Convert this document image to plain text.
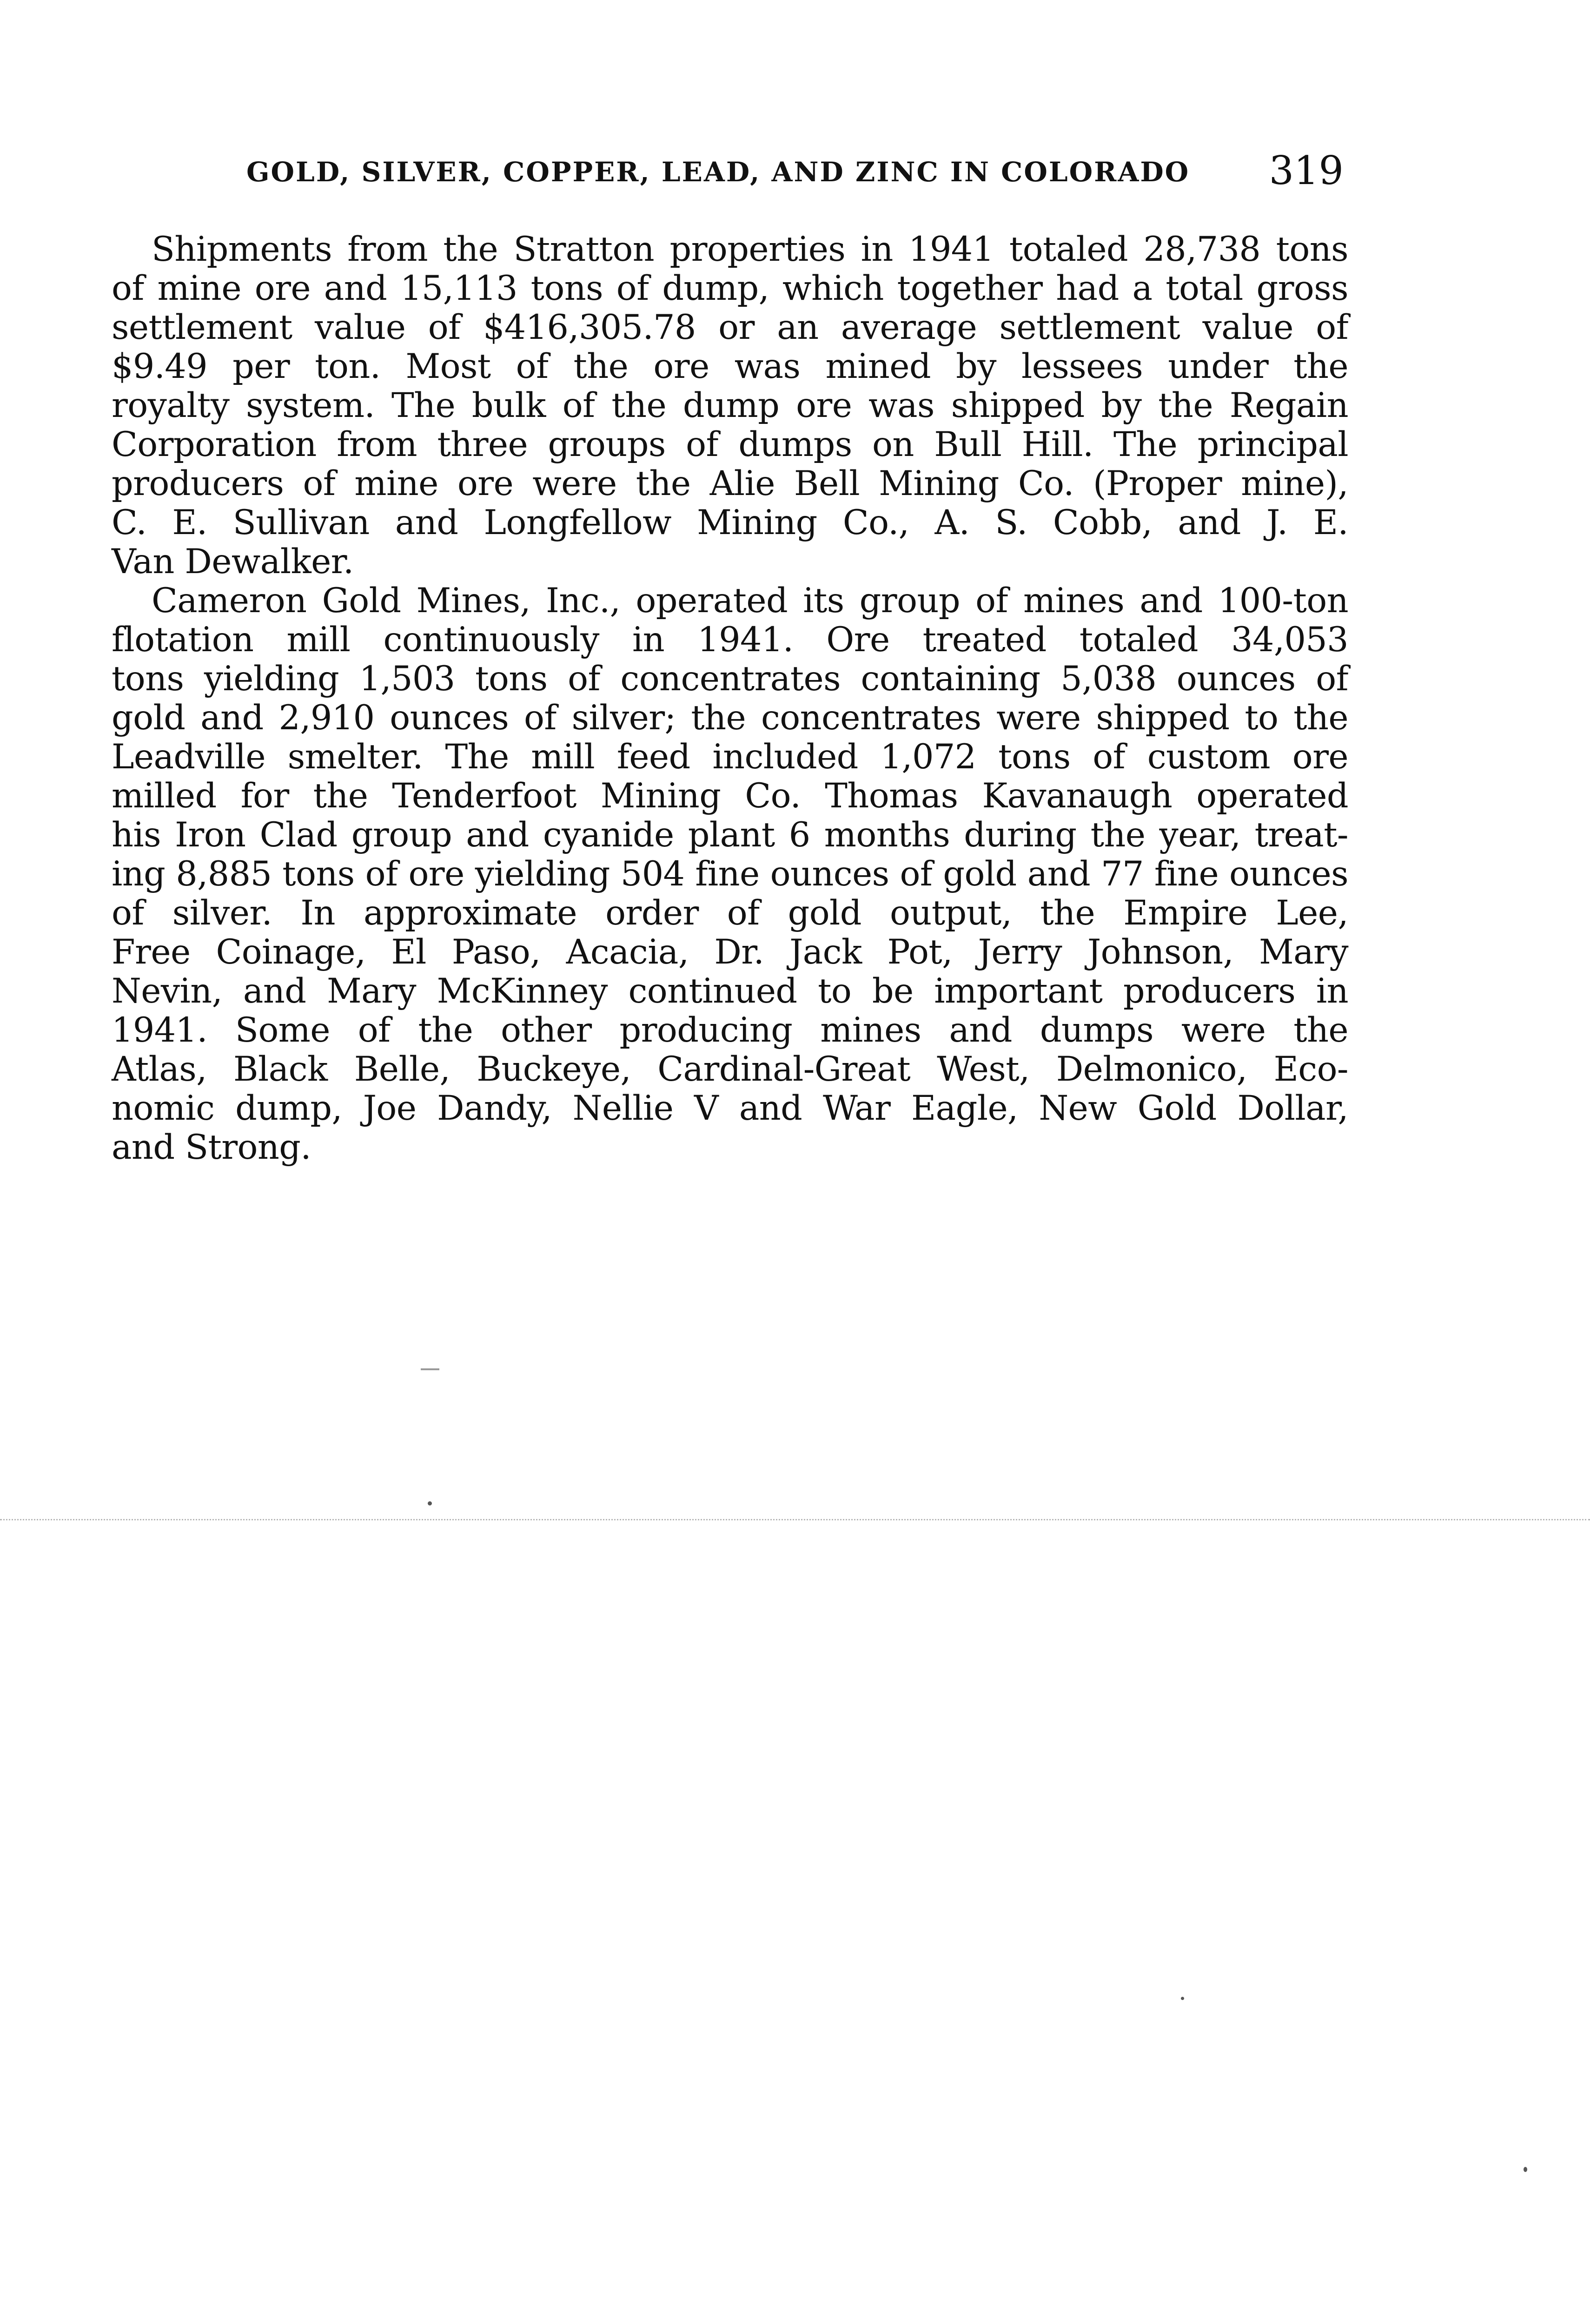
GOLD, SILVER, COPPER, LEAD, AND ZINC IN COLORADO 319
Shipments from the Stratton properties in 1941 totaled 28,738 tons
of mine ore and 15,113 tons of dump, which together had a total gross
settlement value of $416,305.78 or an average settlement value of
$9.49 per ton. Most of the ore was mined by lessees under the
royalty system. The bulk of the dump ore was shipped by the Regain
Corporation from three groups of dumps on Bull Hill. The principal
producers of mine ore were the Alie Bell Mining Co. (Proper mine),
C. E. Sullivan and Longfellow Mining Co., A. S. Cobb, and J. E.
Van Dewalker.
Cameron Gold Mines, Inc., operated its group of mines and 100-ton
flotation mill continuously in 1941. Ore treated totaled 34,053
tons yielding 1,503 tons of concentrates containing 5,038 ounces of
gold and 2,910 ounces of silver; the concentrates were shipped to the
Leadville smelter. The mill feed included 1,072 tons of custom ore
milled for the Tenderfoot Mining Co. Thomas Kavanaugh operated
his Iron Clad group and cyanide plant 6 months during the year, treat-
ing 8,885 tons of ore yielding 504 fine ounces of gold and 77 fine ounces
of silver. In approximate order of gold output, the Empire Lee,
Free Coinage, El Paso, Acacia, Dr. Jack Pot, Jerry Johnson, Mary
Nevin, and Mary McKinney continued to be important producers in
1941. Some of the other producing mines and dumps were the
Atlas, Black Belle, Buckeye, Cardinal-Great West, Delmonico, Eco-
nomic dump, Joe Dandy, Nellie V and War Eagle, New Gold Dollar,
and Strong.
